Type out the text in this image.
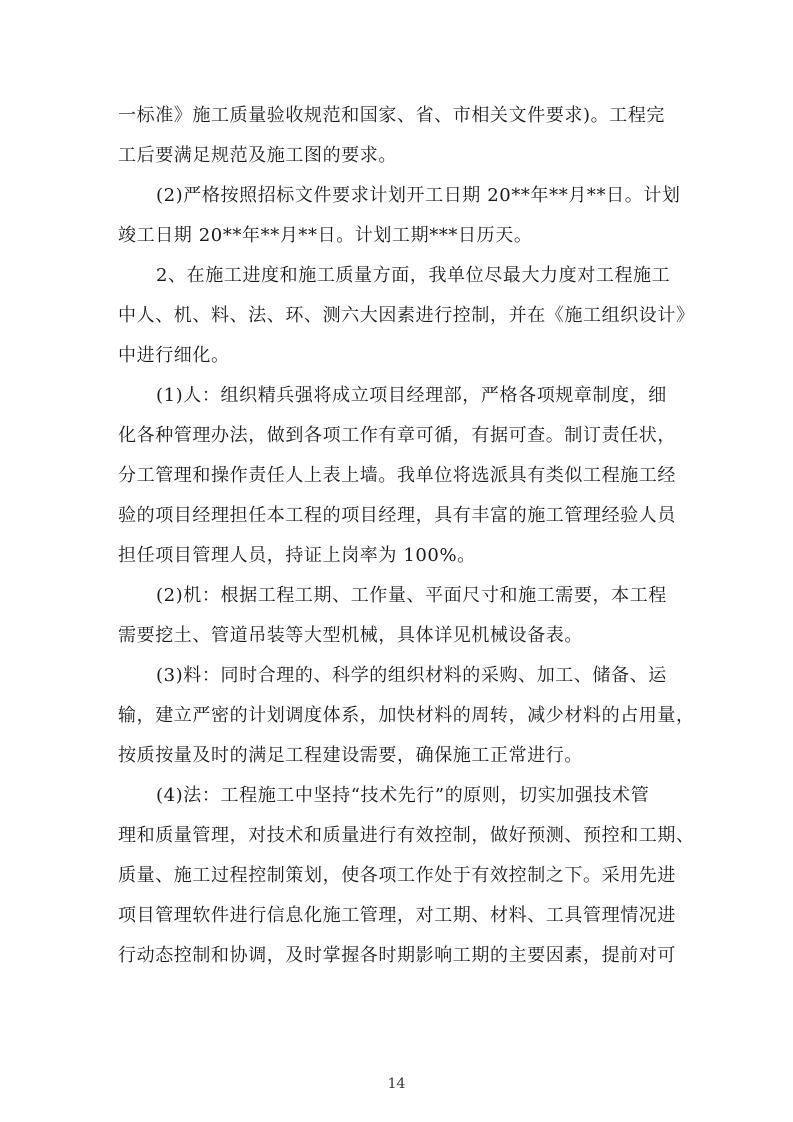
一标准》施工质量验收规范和国家、省、市相关文件要求)。工程完
工后要满足规范及施工图的要求。
(2)严格按照招标文件要求计划开工日期 20**年**月**日。计划
竣工日期 20**年**月**日。计划工期***日历天。
2、在施工进度和施工质量方面，我单位尽最大力度对工程施工
中人、机、料、法、环、测六大因素进行控制，并在《施工组织设计》
中进行细化。
(1)人：组织精兵强将成立项目经理部，严格各项规章制度，细
化各种管理办法，做到各项工作有章可循，有据可查。制订责任状，
分工管理和操作责任人上表上墙。我单位将选派具有类似工程施工经
验的项目经理担任本工程的项目经理，具有丰富的施工管理经验人员
担任项目管理人员，持证上岗率为 100%。
(2)机：根据工程工期、工作量、平面尺寸和施工需要，本工程
需要挖土、管道吊装等大型机械，具体详见机械设备表。
(3)料：同时合理的、科学的组织材料的采购、加工、储备、运
输，建立严密的计划调度体系，加快材料的周转，减少材料的占用量，
按质按量及时的满足工程建设需要，确保施工正常进行。
(4)法：工程施工中坚持“技术先行”的原则，切实加强技术管
理和质量管理，对技术和质量进行有效控制，做好预测、预控和工期、
质量、施工过程控制策划，使各项工作处于有效控制之下。采用先进
项目管理软件进行信息化施工管理，对工期、材料、工具管理情况进
行动态控制和协调，及时掌握各时期影响工期的主要因素，提前对可
14
